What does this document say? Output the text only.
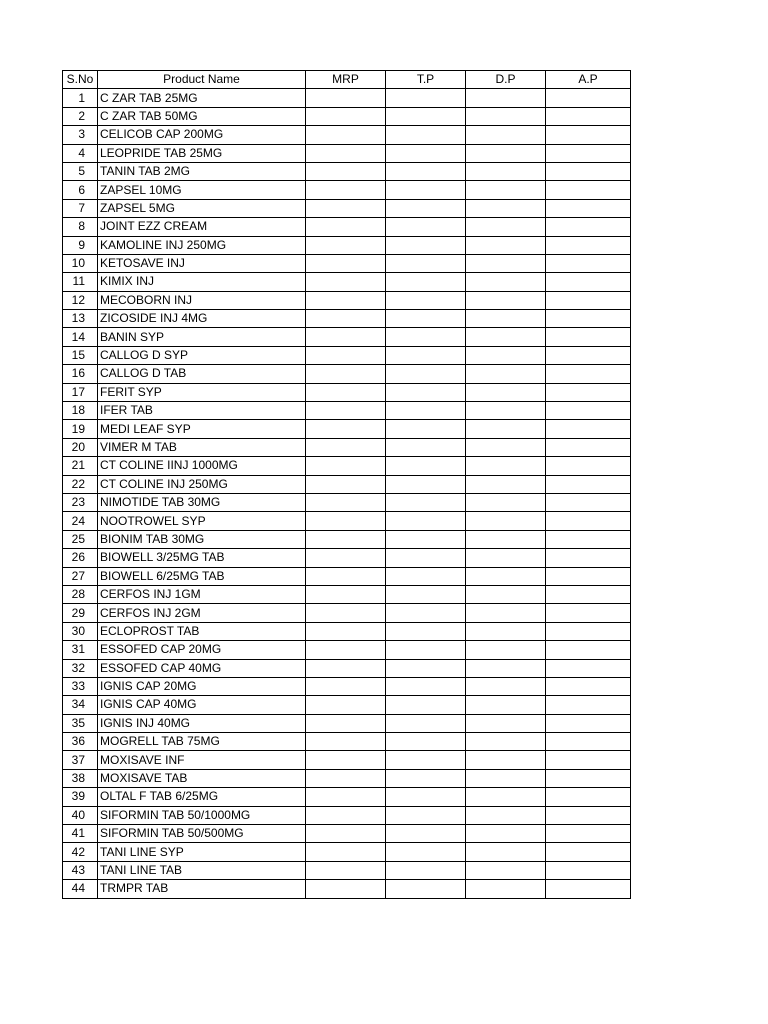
S.No	Product Name	MRP	T.P	D.P	A.P
1	C ZAR TAB 25MG				
2	C ZAR TAB 50MG				
3	CELICOB CAP 200MG				
4	LEOPRIDE TAB 25MG				
5	TANIN TAB 2MG				
6	ZAPSEL 10MG				
7	ZAPSEL 5MG				
8	JOINT EZZ CREAM				
9	KAMOLINE INJ 250MG				
10	KETOSAVE INJ				
11	KIMIX INJ				
12	MECOBORN INJ				
13	ZICOSIDE INJ 4MG				
14	BANIN SYP				
15	CALLOG D SYP				
16	CALLOG D TAB				
17	FERIT SYP				
18	IFER TAB				
19	MEDI LEAF SYP				
20	VIMER M TAB				
21	CT COLINE IINJ 1000MG				
22	CT COLINE INJ 250MG				
23	NIMOTIDE TAB 30MG				
24	NOOTROWEL SYP				
25	BIONIM TAB 30MG				
26	BIOWELL 3/25MG TAB				
27	BIOWELL 6/25MG TAB				
28	CERFOS INJ 1GM				
29	CERFOS INJ 2GM				
30	ECLOPROST TAB				
31	ESSOFED CAP 20MG				
32	ESSOFED CAP 40MG				
33	IGNIS CAP 20MG				
34	IGNIS CAP 40MG				
35	IGNIS INJ 40MG				
36	MOGRELL TAB 75MG				
37	MOXISAVE INF				
38	MOXISAVE TAB				
39	OLTAL F TAB 6/25MG				
40	SIFORMIN TAB 50/1000MG				
41	SIFORMIN TAB 50/500MG				
42	TANI LINE SYP				
43	TANI LINE TAB				
44	TRMPR TAB				
